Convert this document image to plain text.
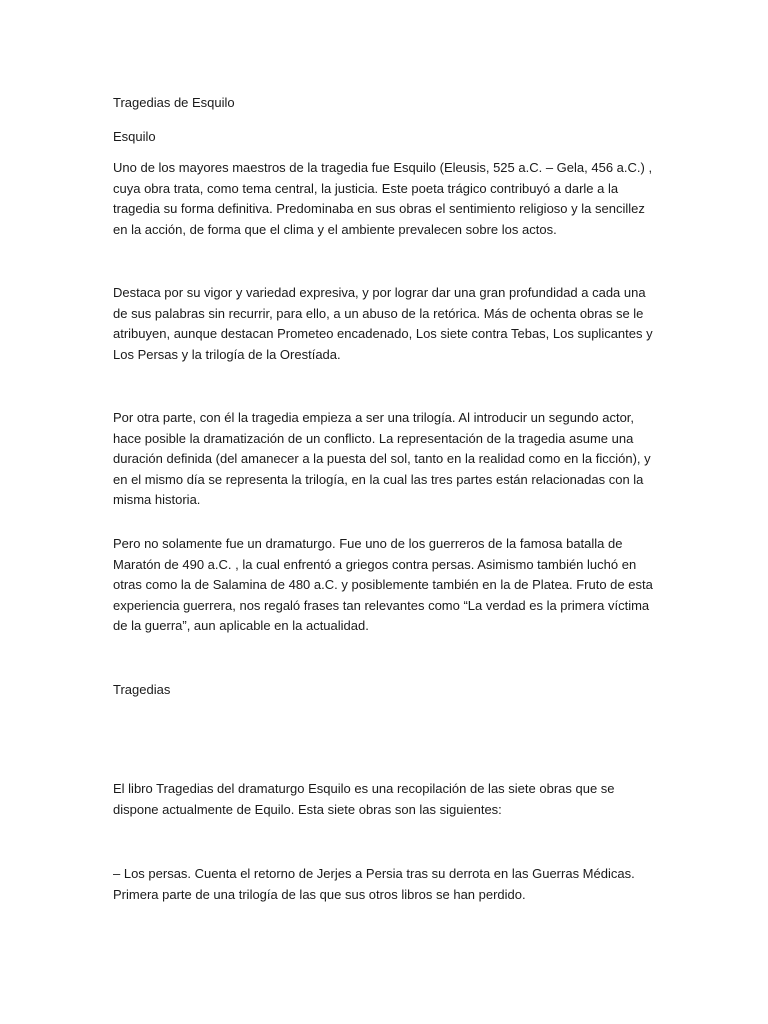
Tragedias de Esquilo

Esquilo

Uno de los mayores maestros de la tragedia fue Esquilo (Eleusis, 525 a.C. – Gela, 456 a.C.) , cuya obra trata, como tema central, la justicia. Este poeta trágico contribuyó a darle a la tragedia su forma definitiva. Predominaba en sus obras el sentimiento religioso y la sencillez en la acción, de forma que el clima y el ambiente prevalecen sobre los actos.

Destaca por su vigor y variedad expresiva, y por lograr dar una gran profundidad a cada una de sus palabras sin recurrir, para ello, a un abuso de la retórica. Más de ochenta obras se le atribuyen, aunque destacan Prometeo encadenado, Los siete contra Tebas, Los suplicantes y Los Persas y la trilogía de la Orestíada.

Por otra parte, con él la tragedia empieza a ser una trilogía. Al introducir un segundo actor, hace posible la dramatización de un conflicto. La representación de la tragedia asume una duración definida (del amanecer a la puesta del sol, tanto en la realidad como en la ficción), y en el mismo día se representa la trilogía, en la cual las tres partes están relacionadas con la misma historia.

Pero no solamente fue un dramaturgo. Fue uno de los guerreros de la famosa batalla de Maratón de 490 a.C. , la cual enfrentó a griegos contra persas. Asimismo también luchó en otras como la de Salamina de 480 a.C. y posiblemente también en la de Platea. Fruto de esta experiencia guerrera, nos regaló frases tan relevantes como “La verdad es la primera víctima de la guerra”, aun aplicable en la actualidad.

Tragedias

El libro Tragedias del dramaturgo Esquilo es una recopilación de las siete obras que se dispone actualmente de Equilo. Esta siete obras son las siguientes:

– Los persas. Cuenta el retorno de Jerjes a Persia tras su derrota en las Guerras Médicas. Primera parte de una trilogía de las que sus otros libros se han perdido.
